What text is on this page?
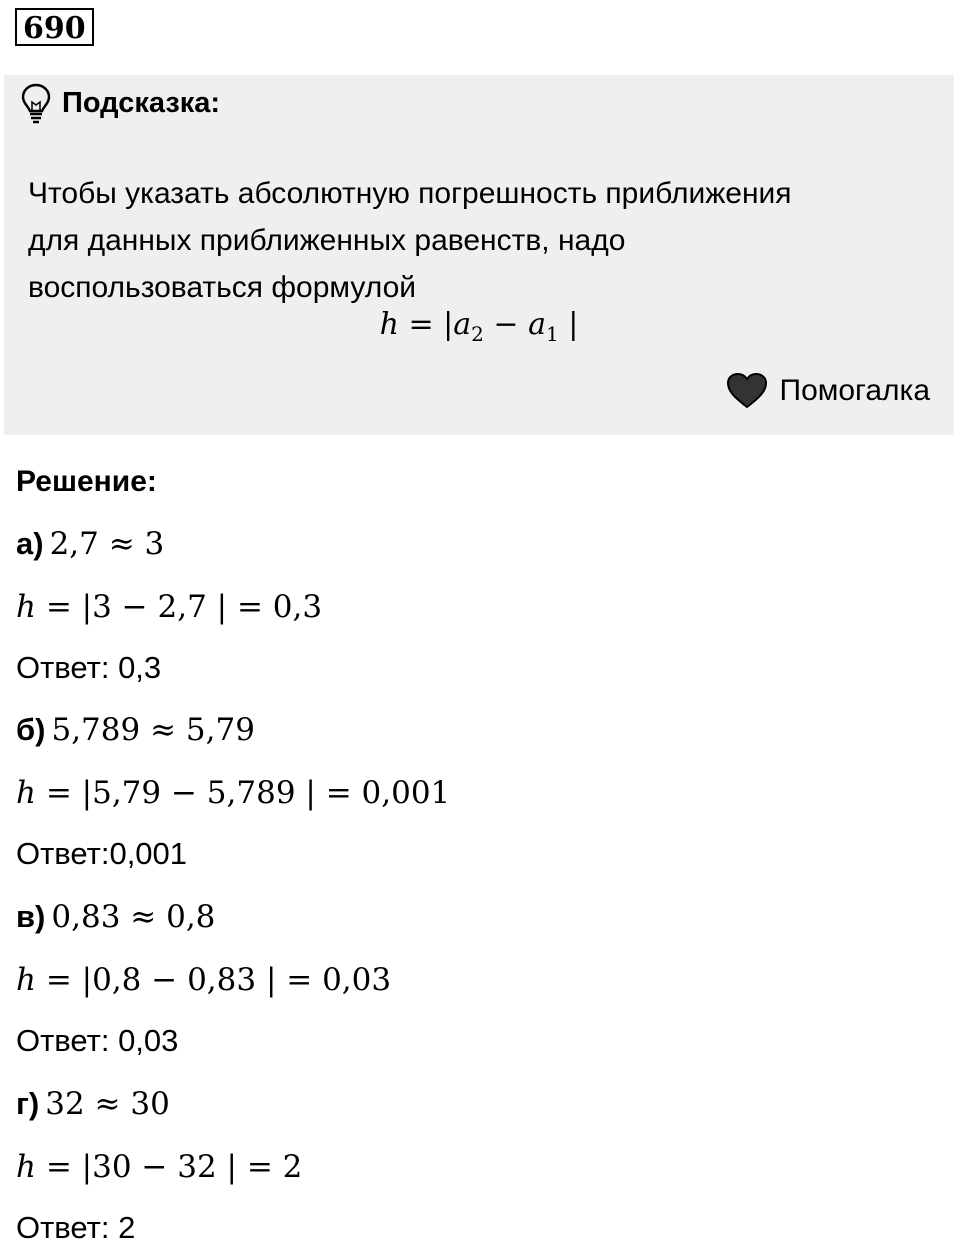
690
Подсказка:
Чтобы указать абсолютную погрешность приближения
для данных приближенных равенств, надо
воспользоваться формулой
$h = |a_2 - a_1$ |
Помогалка
Решение:
а) 2,7 ≈ 3
h = |3 − 2,7 | = 0,3
Ответ: 0,3
б) 5,789 ≈ 5,79
h = |5,79 − 5,789 | = 0,001
Ответ:0,001
в) 0,83 ≈ 0,8
h = |0,8 − 0,83 | = 0,03
Ответ: 0,03
г) 32 ≈ 30
h = |30 − 32 | = 2
Ответ: 2
